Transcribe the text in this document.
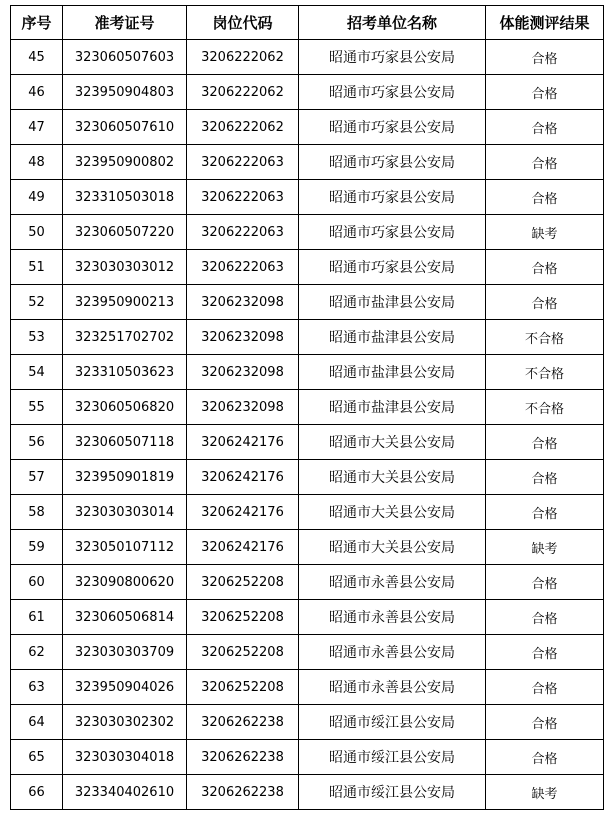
序号	准考证号	岗位代码	招考单位名称	体能测评结果
45	323060507603	3206222062	昭通市巧家县公安局	合格
46	323950904803	3206222062	昭通市巧家县公安局	合格
47	323060507610	3206222062	昭通市巧家县公安局	合格
48	323950900802	3206222063	昭通市巧家县公安局	合格
49	323310503018	3206222063	昭通市巧家县公安局	合格
50	323060507220	3206222063	昭通市巧家县公安局	缺考
51	323030303012	3206222063	昭通市巧家县公安局	合格
52	323950900213	3206232098	昭通市盐津县公安局	合格
53	323251702702	3206232098	昭通市盐津县公安局	不合格
54	323310503623	3206232098	昭通市盐津县公安局	不合格
55	323060506820	3206232098	昭通市盐津县公安局	不合格
56	323060507118	3206242176	昭通市大关县公安局	合格
57	323950901819	3206242176	昭通市大关县公安局	合格
58	323030303014	3206242176	昭通市大关县公安局	合格
59	323050107112	3206242176	昭通市大关县公安局	缺考
60	323090800620	3206252208	昭通市永善县公安局	合格
61	323060506814	3206252208	昭通市永善县公安局	合格
62	323030303709	3206252208	昭通市永善县公安局	合格
63	323950904026	3206252208	昭通市永善县公安局	合格
64	323030302302	3206262238	昭通市绥江县公安局	合格
65	323030304018	3206262238	昭通市绥江县公安局	合格
66	323340402610	3206262238	昭通市绥江县公安局	缺考
